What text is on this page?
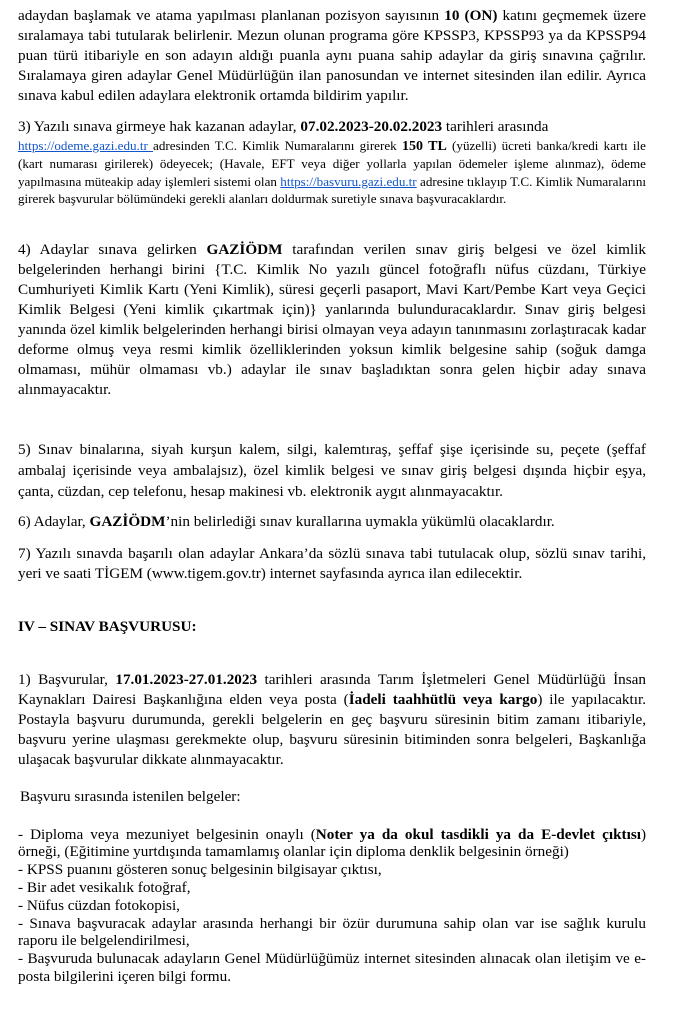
adaydan başlamak ve atama yapılması planlanan pozisyon sayısının 10 (ON) katını geçmemek üzere sıralamaya tabi tutularak belirlenir. Mezun olunan programa göre KPSSP3, KPSSP93 ya da KPSSP94 puan türü itibariyle en son adayın aldığı puanla aynı puana sahip adaylar da giriş sınavına çağrılır. Sıralamaya giren adaylar Genel Müdürlüğün ilan panosundan ve internet sitesinden ilan edilir. Ayrıca sınava kabul edilen adaylara elektronik ortamda bildirim yapılır.

3) Yazılı sınava girmeye hak kazanan adaylar, 07.02.2023-20.02.2023 tarihleri arasında

https://odeme.gazi.edu.tr adresinden T.C. Kimlik Numaralarını girerek 150 TL (yüzelli) ücreti banka/kredi kartı ile (kart numarası girilerek) ödeyecek; (Havale, EFT veya diğer yollarla yapılan ödemeler işleme alınmaz), ödeme yapılmasına müteakip aday işlemleri sistemi olan https://basvuru.gazi.edu.tr adresine tıklayıp T.C. Kimlik Numaralarını girerek başvurular bölümündeki gerekli alanları doldurmak suretiyle sınava başvuracaklardır.

4) Adaylar sınava gelirken GAZİÖDM tarafından verilen sınav giriş belgesi ve özel kimlik belgelerinden herhangi birini {T.C. Kimlik No yazılı güncel fotoğraflı nüfus cüzdanı, Türkiye Cumhuriyeti Kimlik Kartı (Yeni Kimlik), süresi geçerli pasaport, Mavi Kart/Pembe Kart veya Geçici Kimlik Belgesi (Yeni kimlik çıkartmak için)} yanlarında bulunduracaklardır. Sınav giriş belgesi yanında özel kimlik belgelerinden herhangi birisi olmayan veya adayın tanınmasını zorlaştıracak kadar deforme olmuş veya resmi kimlik özelliklerinden yoksun kimlik belgesine sahip (soğuk damga olmaması, mühür olmaması vb.) adaylar ile sınav başladıktan sonra gelen hiçbir aday sınava alınmayacaktır.

5) Sınav binalarına, siyah kurşun kalem, silgi, kalemtıraş, şeffaf şişe içerisinde su, peçete (şeffaf ambalaj içerisinde veya ambalajsız), özel kimlik belgesi ve sınav giriş belgesi dışında hiçbir eşya, çanta, cüzdan, cep telefonu, hesap makinesi vb. elektronik aygıt alınmayacaktır.

6) Adaylar, GAZİÖDM’nin belirlediği sınav kurallarına uymakla yükümlü olacaklardır.

7) Yazılı sınavda başarılı olan adaylar Ankara’da sözlü sınava tabi tutulacak olup, sözlü sınav tarihi, yeri ve saati TİGEM (www.tigem.gov.tr) internet sayfasında ayrıca ilan edilecektir.

IV – SINAV BAŞVURUSU:

1) Başvurular, 17.01.2023-27.01.2023 tarihleri arasında Tarım İşletmeleri Genel Müdürlüğü İnsan Kaynakları Dairesi Başkanlığına elden veya posta (İadeli taahhütlü veya kargo) ile yapılacaktır. Postayla başvuru durumunda, gerekli belgelerin en geç başvuru süresinin bitim zamanı itibariyle, başvuru yerine ulaşması gerekmekte olup, başvuru süresinin bitiminden sonra belgeleri, Başkanlığa ulaşacak başvurular dikkate alınmayacaktır.

Başvuru sırasında istenilen belgeler:

- Diploma veya mezuniyet belgesinin onaylı (Noter ya da okul tasdikli ya da E-devlet çıktısı) örneği, (Eğitimine yurtdışında tamamlamış olanlar için diploma denklik belgesinin örneği)
- KPSS puanını gösteren sonuç belgesinin bilgisayar çıktısı,
- Bir adet vesikalık fotoğraf,
- Nüfus cüzdan fotokopisi,
- Sınava başvuracak adaylar arasında herhangi bir özür durumuna sahip olan var ise sağlık kurulu raporu ile belgelendirilmesi,
- Başvuruda bulunacak adayların Genel Müdürlüğümüz internet sitesinden alınacak olan iletişim ve e-posta bilgilerini içeren bilgi formu.
